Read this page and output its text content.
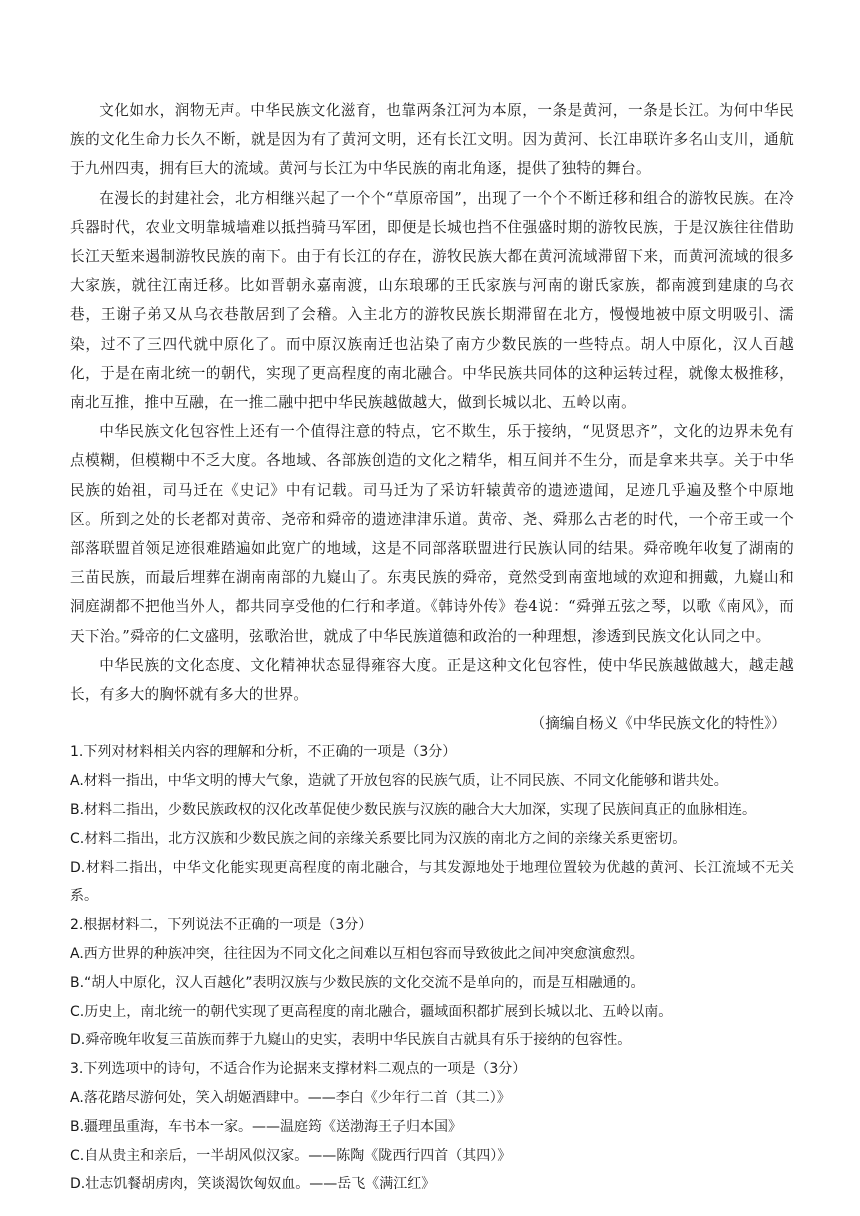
文化如水，润物无声。中华民族文化滋育，也靠两条江河为本原，一条是黄河，一条是长江。为何中华民族的文化生命力长久不断，就是因为有了黄河文明，还有长江文明。因为黄河、长江串联许多名山支川，通航于九州四夷，拥有巨大的流域。黄河与长江为中华民族的南北角逐，提供了独特的舞台。

在漫长的封建社会，北方相继兴起了一个个“草原帝国”，出现了一个个不断迁移和组合的游牧民族。在冷兵器时代，农业文明靠城墙难以抵挡骑马军团，即便是长城也挡不住强盛时期的游牧民族，于是汉族往往借助长江天堑来遏制游牧民族的南下。由于有长江的存在，游牧民族大都在黄河流域滞留下来，而黄河流域的很多大家族，就往江南迁移。比如晋朝永嘉南渡，山东琅琊的王氏家族与河南的谢氏家族，都南渡到建康的乌衣巷，王谢子弟又从乌衣巷散居到了会稽。入主北方的游牧民族长期滞留在北方，慢慢地被中原文明吸引、濡染，过不了三四代就中原化了。而中原汉族南迁也沾染了南方少数民族的一些特点。胡人中原化，汉人百越化，于是在南北统一的朝代，实现了更高程度的南北融合。中华民族共同体的这种运转过程，就像太极推移，南北互推，推中互融，在一推二融中把中华民族越做越大，做到长城以北、五岭以南。

中华民族文化包容性上还有一个值得注意的特点，它不欺生，乐于接纳，“见贤思齐”，文化的边界未免有点模糊，但模糊中不乏大度。各地域、各部族创造的文化之精华，相互间并不生分，而是拿来共享。关于中华民族的始祖，司马迁在《史记》中有记载。司马迁为了采访轩辕黄帝的遗迹遗闻，足迹几乎遍及整个中原地区。所到之处的长老都对黄帝、尧帝和舜帝的遗迹津津乐道。黄帝、尧、舜那么古老的时代，一个帝王或一个部落联盟首领足迹很难踏遍如此宽广的地域，这是不同部落联盟进行民族认同的结果。舜帝晚年收复了湖南的三苗民族，而最后埋葬在湖南南部的九嶷山了。东夷民族的舜帝，竟然受到南蛮地域的欢迎和拥戴，九嶷山和洞庭湖都不把他当外人，都共同享受他的仁行和孝道。《韩诗外传》卷4说：“舜弹五弦之琴，以歌《南风》，而天下治。”舜帝的仁文盛明，弦歌治世，就成了中华民族道德和政治的一种理想，渗透到民族文化认同之中。

中华民族的文化态度、文化精神状态显得雍容大度。正是这种文化包容性，使中华民族越做越大，越走越长，有多大的胸怀就有多大的世界。

（摘编自杨义《中华民族文化的特性》）

1.下列对材料相关内容的理解和分析，不正确的一项是（3分）

A.材料一指出，中华文明的博大气象，造就了开放包容的民族气质，让不同民族、不同文化能够和谐共处。

B.材料二指出，少数民族政权的汉化改革促使少数民族与汉族的融合大大加深，实现了民族间真正的血脉相连。

C.材料二指出，北方汉族和少数民族之间的亲缘关系要比同为汉族的南北方之间的亲缘关系更密切。

D.材料二指出，中华文化能实现更高程度的南北融合，与其发源地处于地理位置较为优越的黄河、长江流域不无关系。

2.根据材料二，下列说法不正确的一项是（3分）

A.西方世界的种族冲突，往往因为不同文化之间难以互相包容而导致彼此之间冲突愈演愈烈。

B.“胡人中原化，汉人百越化”表明汉族与少数民族的文化交流不是单向的，而是互相融通的。

C.历史上，南北统一的朝代实现了更高程度的南北融合，疆域面积都扩展到长城以北、五岭以南。

D.舜帝晚年收复三苗族而葬于九嶷山的史实，表明中华民族自古就具有乐于接纳的包容性。

3.下列选项中的诗句，不适合作为论据来支撑材料二观点的一项是（3分）

A.落花踏尽游何处，笑入胡姬酒肆中。——李白《少年行二首（其二）》

B.疆理虽重海，车书本一家。——温庭筠《送渤海王子归本国》

C.自从贵主和亲后，一半胡风似汉家。——陈陶《陇西行四首（其四）》

D.壮志饥餐胡虏肉，笑谈渴饮匈奴血。——岳飞《满江红》
